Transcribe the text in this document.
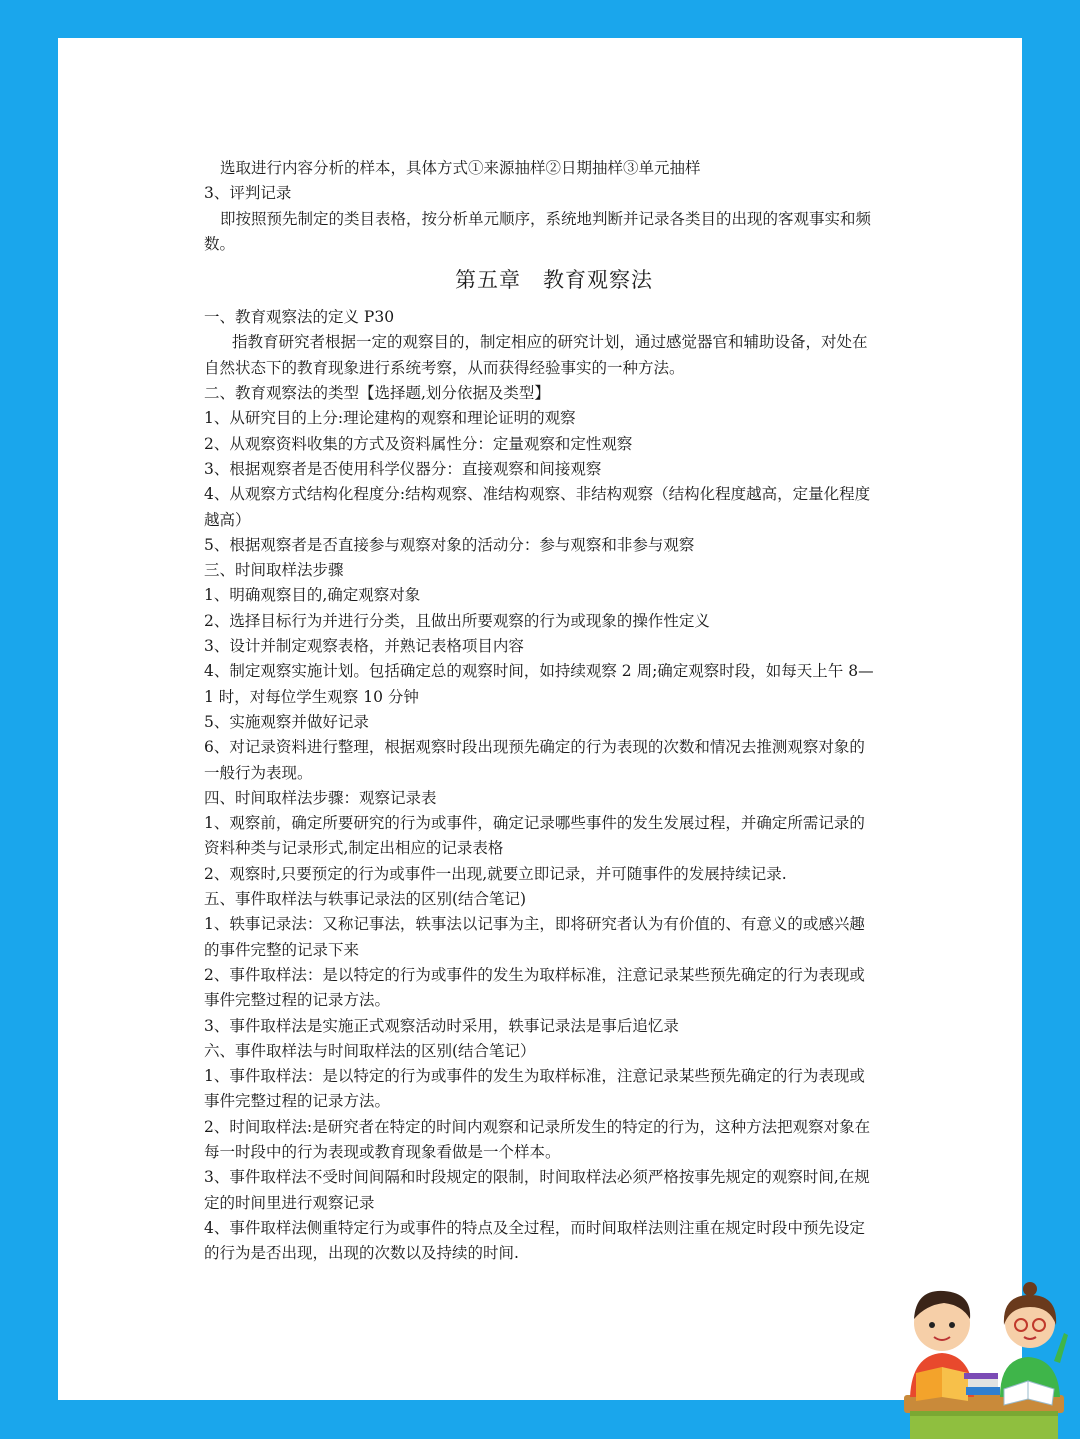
选取进行内容分析的样本，具体方式①来源抽样②日期抽样③单元抽样

3、评判记录

即按照预先制定的类目表格，按分析单元顺序，系统地判断并记录各类目的出现的客观事实和频数。

第五章　教育观察法

一、教育观察法的定义 P30

指教育研究者根据一定的观察目的，制定相应的研究计划，通过感觉器官和辅助设备，对处在自然状态下的教育现象进行系统考察，从而获得经验事实的一种方法。

二、教育观察法的类型【选择题,划分依据及类型】

1、从研究目的上分:理论建构的观察和理论证明的观察

2、从观察资料收集的方式及资料属性分：定量观察和定性观察

3、根据观察者是否使用科学仪器分：直接观察和间接观察

4、从观察方式结构化程度分:结构观察、准结构观察、非结构观察（结构化程度越高，定量化程度越高）

5、根据观察者是否直接参与观察对象的活动分：参与观察和非参与观察

三、时间取样法步骤

1、明确观察目的,确定观察对象

2、选择目标行为并进行分类，且做出所要观察的行为或现象的操作性定义

3、设计并制定观察表格，并熟记表格项目内容

4、制定观察实施计划。包括确定总的观察时间，如持续观察 2 周;确定观察时段，如每天上午 8—1 时，对每位学生观察 10 分钟

5、实施观察并做好记录

6、对记录资料进行整理，根据观察时段出现预先确定的行为表现的次数和情况去推测观察对象的一般行为表现。

四、时间取样法步骤：观察记录表

1、观察前，确定所要研究的行为或事件，确定记录哪些事件的发生发展过程，并确定所需记录的资料种类与记录形式,制定出相应的记录表格

2、观察时,只要预定的行为或事件一出现,就要立即记录，并可随事件的发展持续记录.

五、事件取样法与轶事记录法的区别(结合笔记)

1、轶事记录法：又称记事法，轶事法以记事为主，即将研究者认为有价值的、有意义的或感兴趣的事件完整的记录下来

2、事件取样法：是以特定的行为或事件的发生为取样标准，注意记录某些预先确定的行为表现或事件完整过程的记录方法。

3、事件取样法是实施正式观察活动时采用，轶事记录法是事后追忆录

六、事件取样法与时间取样法的区别(结合笔记）

1、事件取样法：是以特定的行为或事件的发生为取样标准，注意记录某些预先确定的行为表现或事件完整过程的记录方法。

2、时间取样法:是研究者在特定的时间内观察和记录所发生的特定的行为，这种方法把观察对象在每一时段中的行为表现或教育现象看做是一个样本。

3、事件取样法不受时间间隔和时段规定的限制，时间取样法必须严格按事先规定的观察时间,在规定的时间里进行观察记录

4、事件取样法侧重特定行为或事件的特点及全过程，而时间取样法则注重在规定时段中预先设定的行为是否出现，出现的次数以及持续的时间.
